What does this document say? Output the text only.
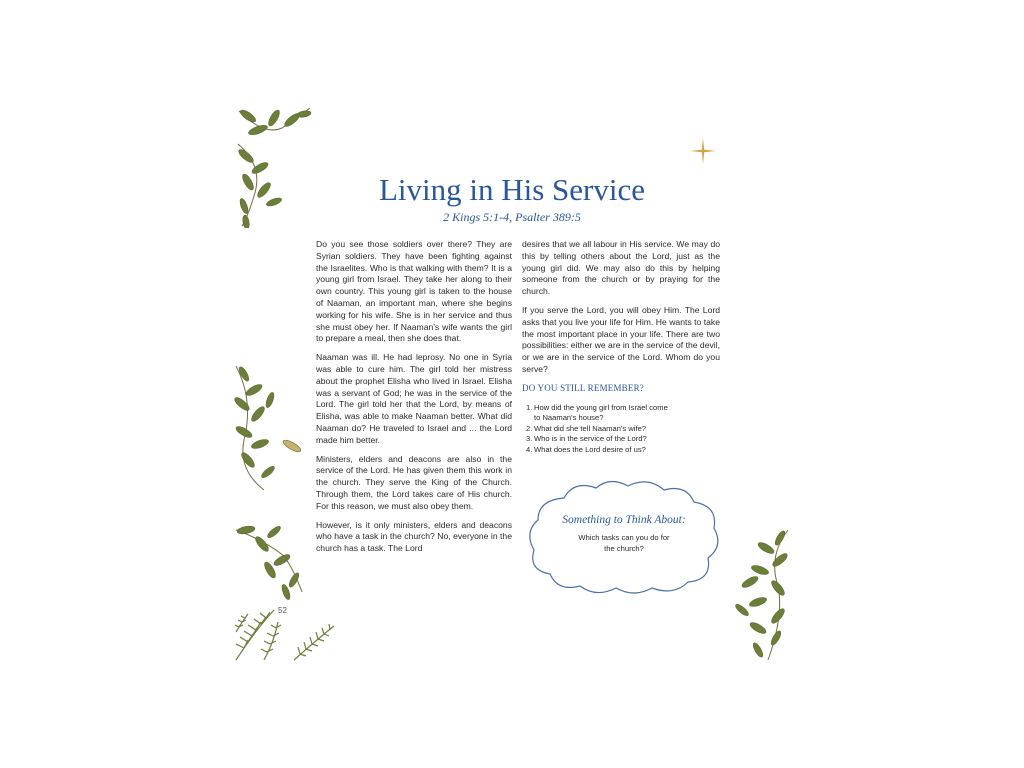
Living in His Service
2 Kings 5:1-4, Psalter 389:5

Do you see those soldiers over there? They are Syrian soldiers. They have been fighting against the Israelites. Who is that walking with them? It is a young girl from Israel. They take her along to their own country. This young girl is taken to the house of Naaman, an important man, where she begins working for his wife. She is in her service and thus she must obey her. If Naaman's wife wants the girl to prepare a meal, then she does that.

Naaman was ill. He had leprosy. No one in Syria was able to cure him. The girl told her mistress about the prophet Elisha who lived in Israel. Elisha was a servant of God; he was in the service of the Lord. The girl told her that the Lord, by means of Elisha, was able to make Naaman better. What did Naaman do? He traveled to Israel and ... the Lord made him better.

Ministers, elders and deacons are also in the service of the Lord. He has given them this work in the church. They serve the King of the Church. Through them, the Lord takes care of His church. For this reason, we must also obey them.

However, is it only ministers, elders and deacons who have a task in the church? No, everyone in the church has a task. The Lord

desires that we all labour in His service. We may do this by telling others about the Lord, just as the young girl did. We may also do this by helping someone from the church or by praying for the church.

If you serve the Lord, you will obey Him. The Lord asks that you live your life for Him. He wants to take the most important place in your life. There are two possibilities: either we are in the service of the devil, or we are in the service of the Lord. Whom do you serve?

DO YOU STILL REMEMBER?
1. How did the young girl from Israel come to Naaman's house?
2. What did she tell Naaman's wife?
3. Who is in the service of the Lord?
4. What does the Lord desire of us?
Something to Think About:
Which tasks can you do for the church?
52
